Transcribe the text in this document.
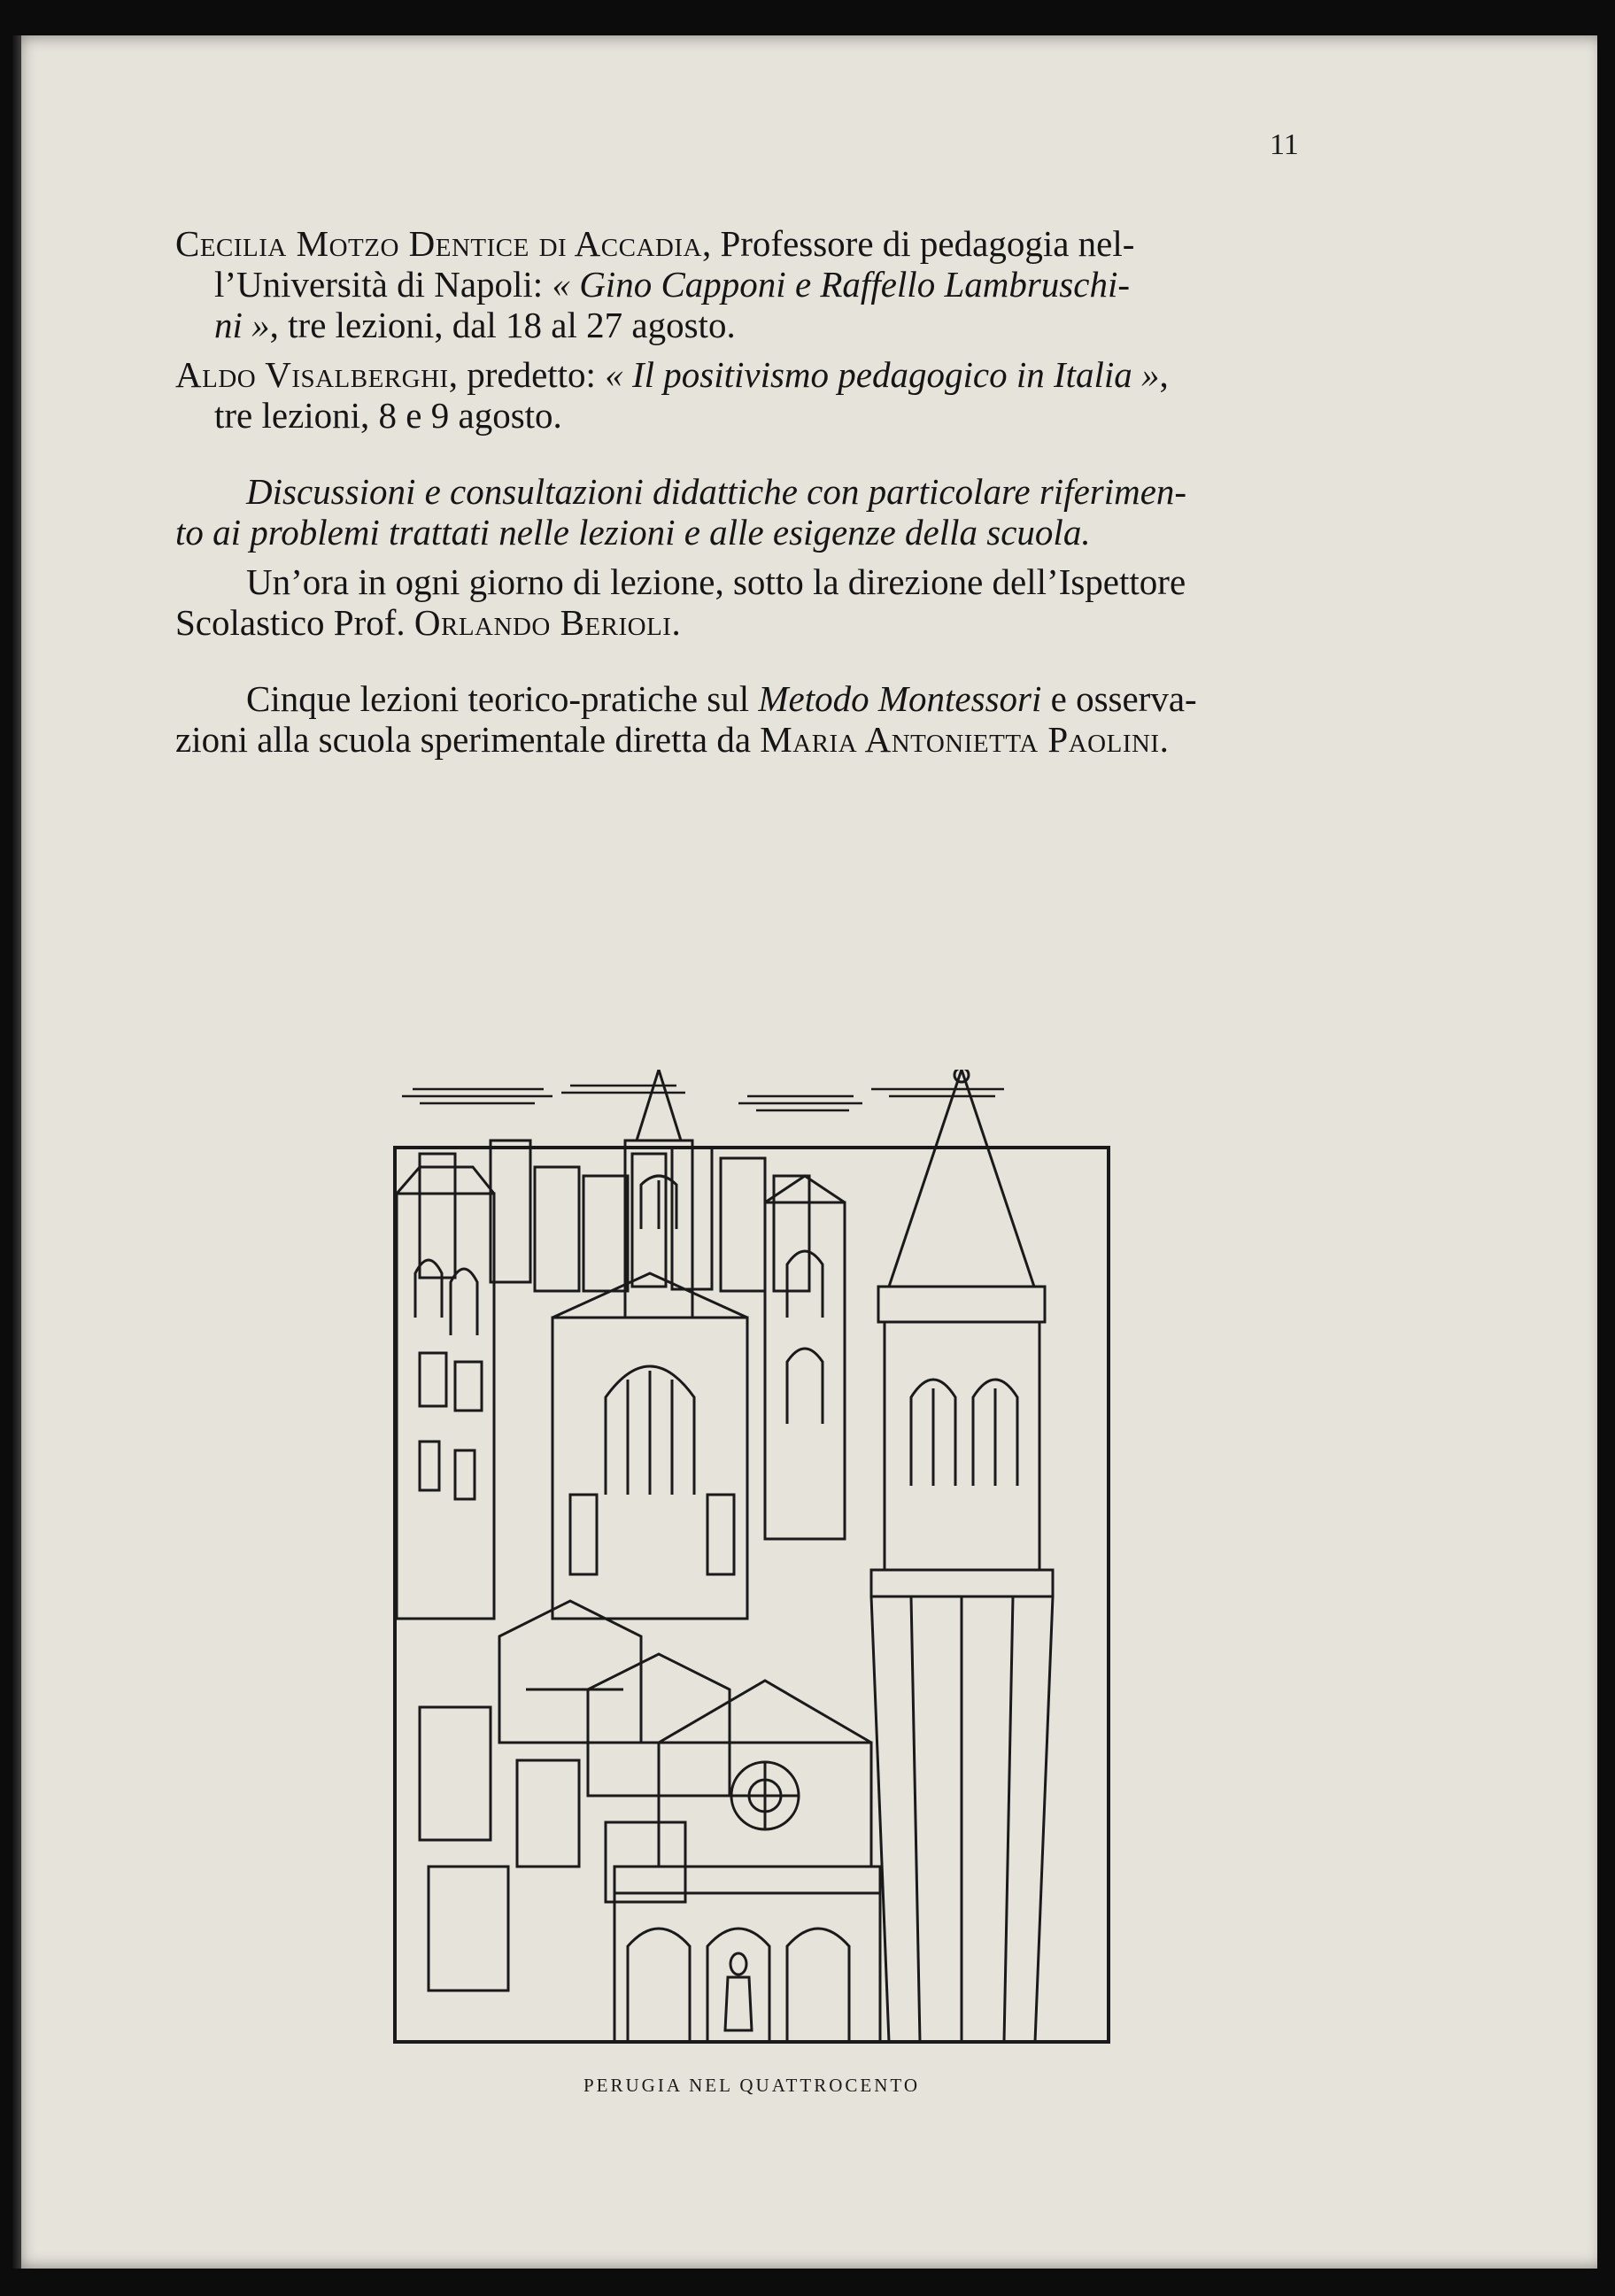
11
Cecilia Motzo Dentice di Accadia, Professore di pedagogia nel-
l’Università di Napoli: « Gino Capponi e Raffello Lambruschi-
ni », tre lezioni, dal 18 al 27 agosto.
Aldo Visalberghi, predetto: « Il positivismo pedagogico in Italia »,
tre lezioni, 8 e 9 agosto.
Discussioni e consultazioni didattiche con particolare riferimen-
to ai problemi trattati nelle lezioni e alle esigenze della scuola.
Un’ora in ogni giorno di lezione, sotto la direzione dell’Ispettore
Scolastico Prof. Orlando Berioli.
Cinque lezioni teorico-pratiche sul Metodo Montessori e osserva-
zioni alla scuola sperimentale diretta da Maria Antonietta Paolini.
PERUGIA NEL QUATTROCENTO
